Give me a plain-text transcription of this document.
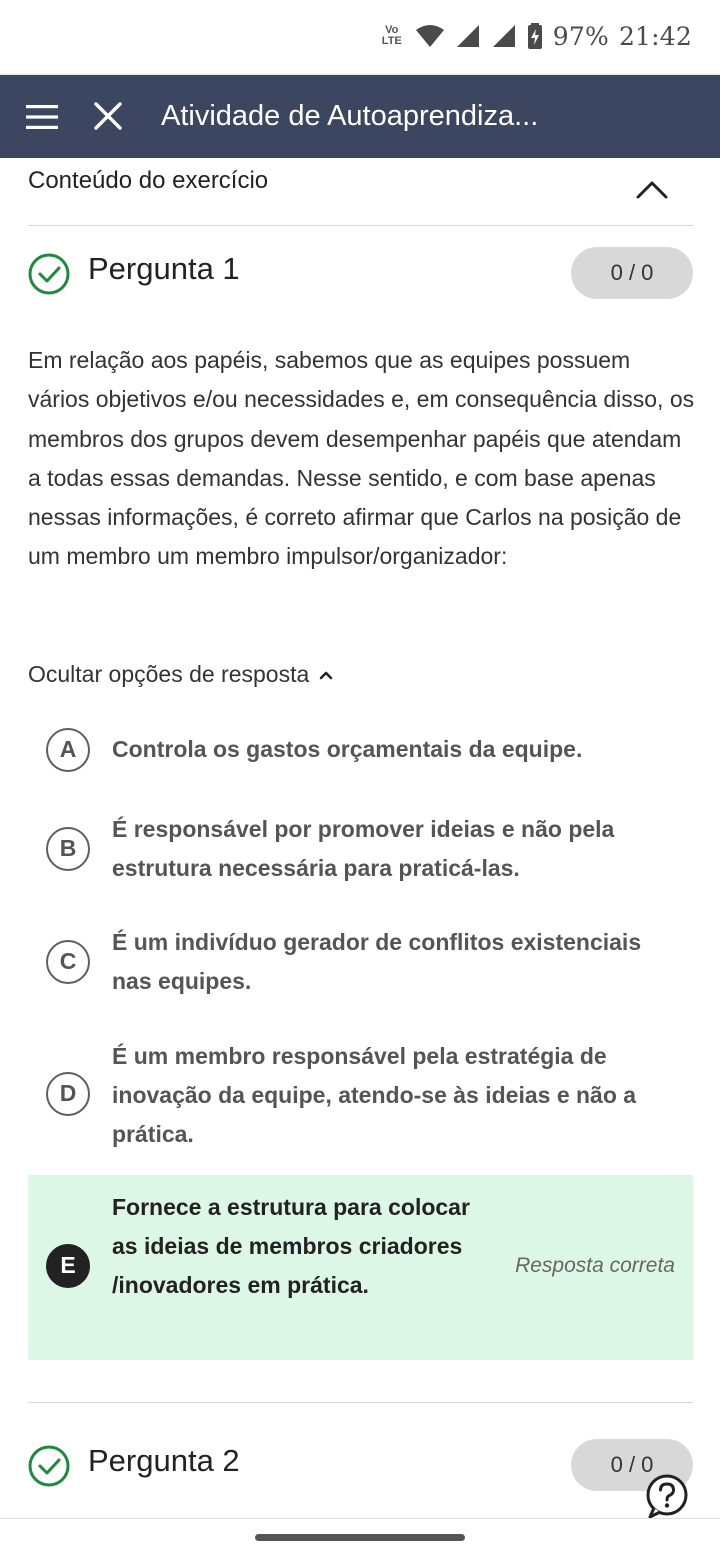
Vo LTE	97% 21:42
Atividade de Autoaprendiza...
Conteúdo do exercício
Pergunta 1	0 / 0
Em relação aos papéis, sabemos que as equipes possuem vários objetivos e/ou necessidades e, em consequência disso, os membros dos grupos devem desempenhar papéis que atendam a todas essas demandas. Nesse sentido, e com base apenas nessas informações, é correto afirmar que Carlos na posição de um membro um membro impulsor/organizador:
Ocultar opções de resposta
A	Controla os gastos orçamentais da equipe.
B
É responsável por promover ideias e não pela estrutura necessária para praticá-las.
C
É um indivíduo gerador de conflitos existenciais nas equipes.
D
É um membro responsável pela estratégia de inovação da equipe, atendo-se às ideias e não a prática.
E
Fornece a estrutura para colocar as ideias de membros criadores /inovadores em prática.
Resposta correta
Pergunta 2	0 / 0
